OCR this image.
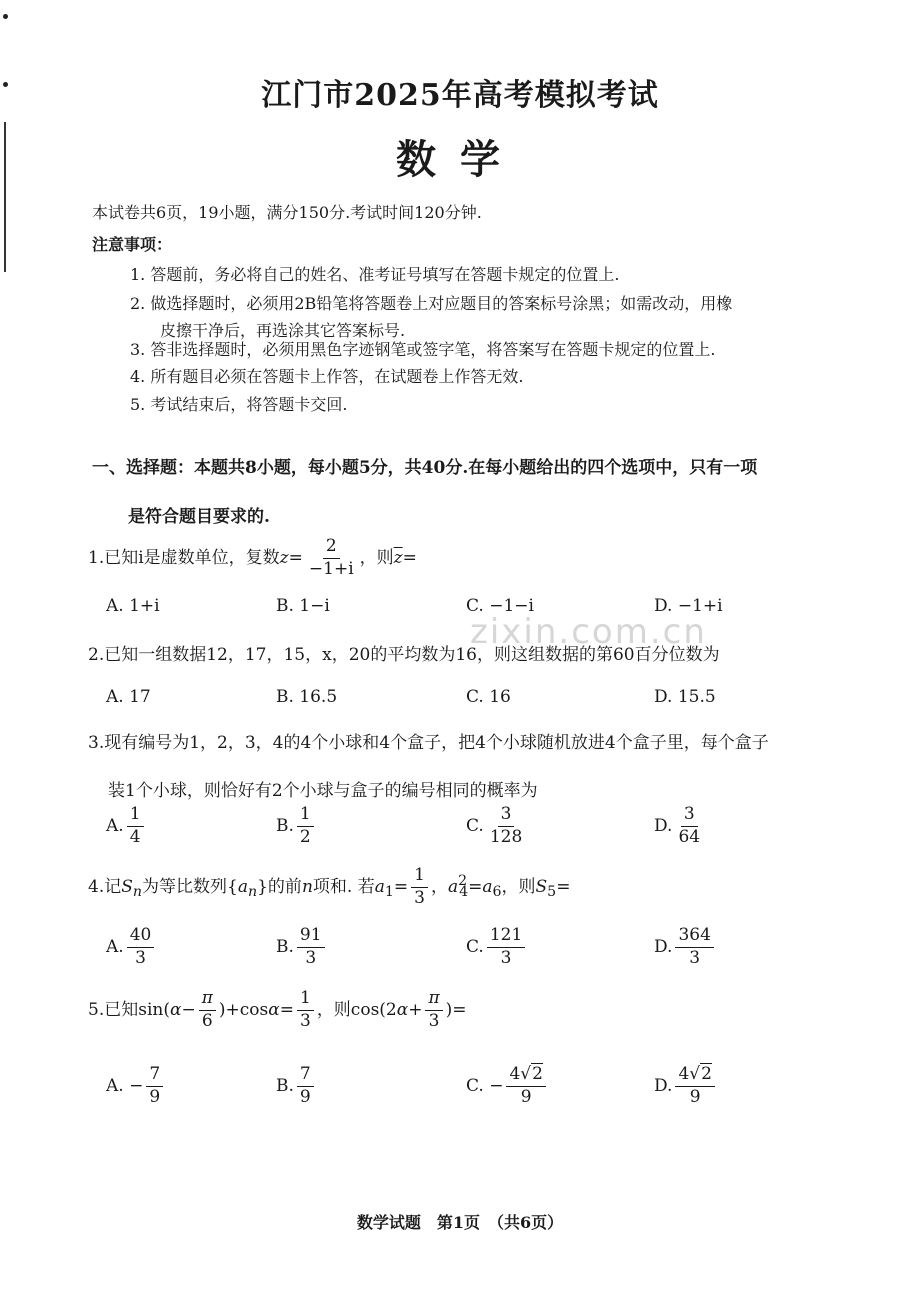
江门市2025年高考模拟考试
数学
本试卷共6页，19小题，满分150分.考试时间120分钟.
注意事项：
1. 答题前，务必将自己的姓名、准考证号填写在答题卡规定的位置上.
2. 做选择题时，必须用2B铅笔将答题卷上对应题目的答案标号涂黑；如需改动，用橡
皮擦干净后，再选涂其它答案标号.
3. 答非选择题时，必须用黑色字迹钢笔或签字笔，将答案写在答题卡规定的位置上.
4. 所有题目必须在答题卡上作答，在试题卷上作答无效.
5. 考试结束后，将答题卡交回.
一、选择题：本题共8小题，每小题5分，共40分.在每小题给出的四个选项中，只有一项
是符合题目要求的.
1.已知i是虚数单位，复数$z= \frac{2}{-1+i}$ ，则$\overline{z}=$
A. 1+i	B. 1−i	C. −1−i	D. −1+i
2.已知一组数据12，17，15，x，20的平均数为16，则这组数据的第60百分位数为
A. 17	B. 16.5	C. 16	D. 15.5
3.现有编号为1，2，3，4的4个小球和4个盒子，把4个小球随机放进4个盒子里，每个盒子
装1个小球，则恰好有2个小球与盒子的编号相同的概率为
A. $\frac{1}{4}$	B. $\frac{1}{2}$	C. $\frac{3}{128}$	D. $\frac{3}{64}$
4.记$S_n$为等比数列$\{a_n\}$的前n项和. 若$a_1= \frac{1}{3}$ ，$a^2_4=a_6$，则$S_5=$
A. $\frac{40}{3}$	B. $\frac{91}{3}$	C. $\frac{121}{3}$	D. $\frac{364}{3}$
5.已知$\sin(\alpha- \frac{\pi}{6} )+\cos\alpha= \frac{1}{3}$ ，则$\cos(2\alpha+ \frac{\pi}{3}$ )=
A. − $\frac{7}{9}$	B. $\frac{7}{9}$	C. − $\frac{4√2}{9}$	D. $\frac{4√2}{9}$
zixin.com.cn
数学试题　第1页　（共6页）
